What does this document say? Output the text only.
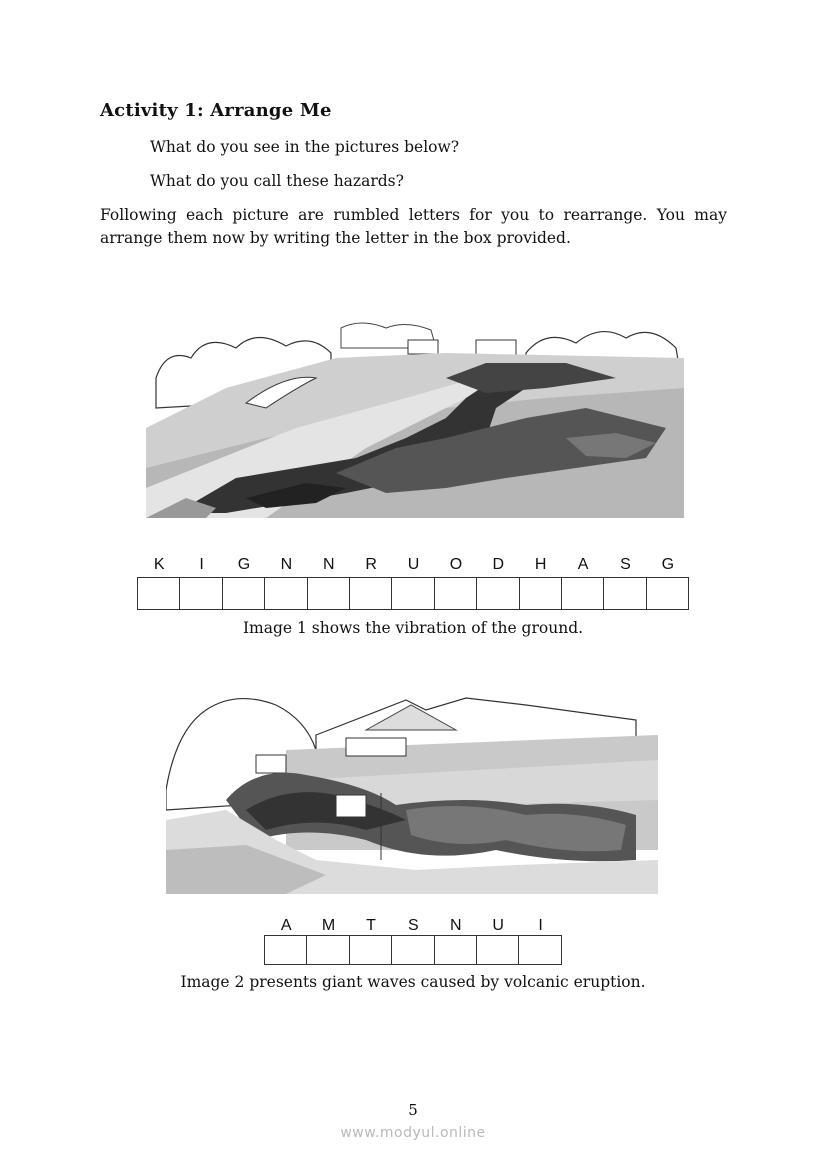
Activity 1: Arrange Me
What do you see in the pictures below?
What do you call these hazards?
Following each picture are rumbled letters for you to rearrange. You may arrange them now by writing the letter in the box provided.
K	I	G	N	N	R	U	O	D	H	A	S	G
Image 1 shows the vibration of the ground.
A	M	T	S	N	U	I
Image 2 presents giant waves caused by volcanic eruption.
5
www.modyul.online
